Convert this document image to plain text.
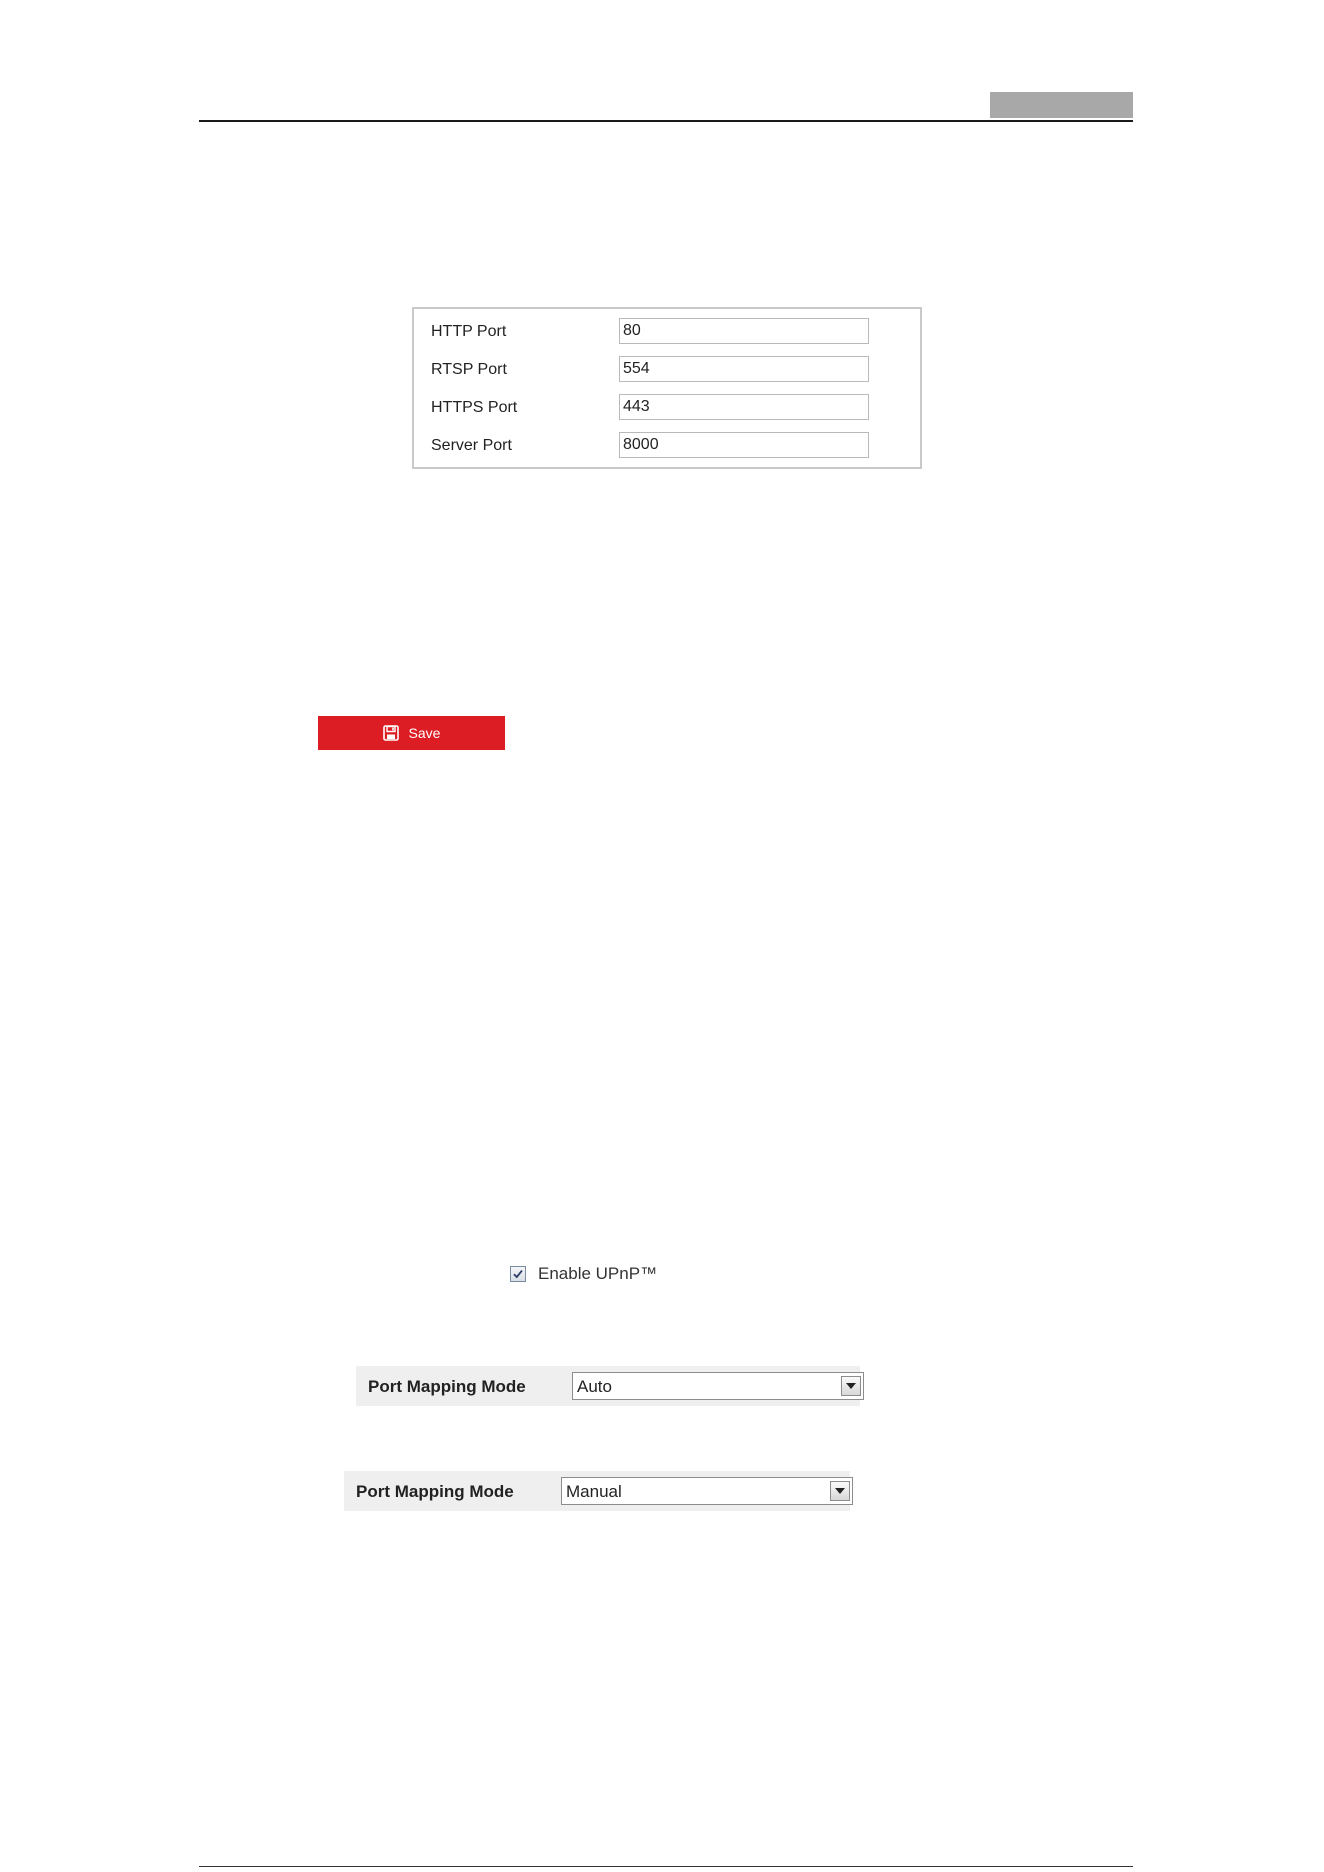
HTTP Port
80
RTSP Port
554
HTTPS Port
443
Server Port
8000
Save
Enable UPnP™
Port Mapping Mode	Auto
Port Mapping Mode	Manual
